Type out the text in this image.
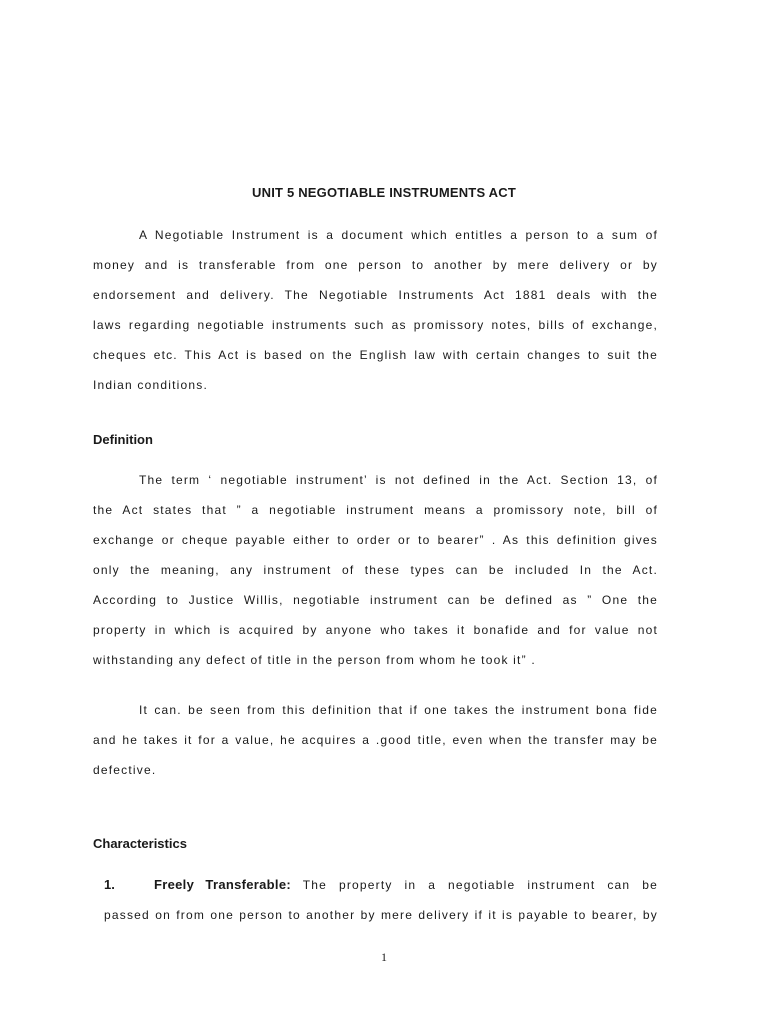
UNIT 5 NEGOTIABLE INSTRUMENTS ACT

A Negotiable Instrument is a document which entitles a person to a sum of
money and is transferable from one person to another by mere delivery or by
endorsement and delivery. The Negotiable Instruments Act 1881 deals with the
laws regarding negotiable instruments such as promissory notes, bills of exchange,
cheques etc. This Act is based on the English law with certain changes to suit the
Indian conditions.

Definition

The term ‘ negotiable instrument’ is not defined in the Act. Section 13, of
the Act states that ” a negotiable instrument means a promissory note, bill of
exchange or cheque payable either to order or to bearer” . As this definition gives
only the meaning, any instrument of these types can be included In the Act.
According to Justice Willis, negotiable instrument can be defined as ” One the
property in which is acquired by anyone who takes it bonafide and for value not
withstanding any defect of title in the person from whom he took it” .

It can. be seen from this definition that if one takes the instrument bona fide
and he takes it for a value, he acquires a .good title, even when the transfer may be
defective.

Characteristics
1.	Freely Transferable: The property in a negotiable instrument can be
passed on from one person to another by mere delivery if it is payable to bearer, by
1
